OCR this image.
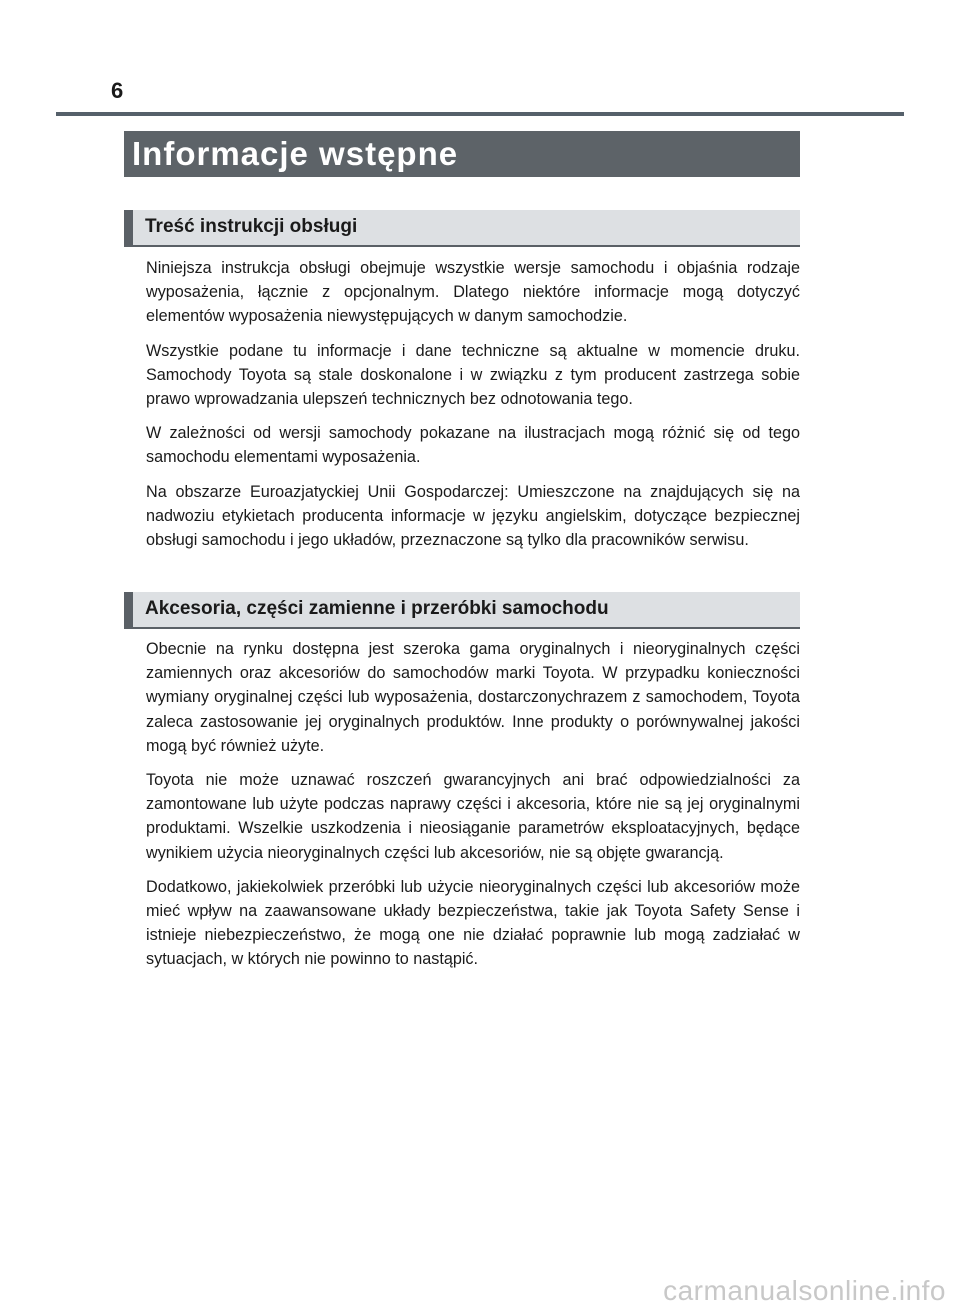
6
Informacje wstępne
Treść instrukcji obsługi

Niniejsza instrukcja obsługi obejmuje wszystkie wersje samochodu i objaśnia rodzaje wyposażenia, łącznie z opcjonalnym. Dlatego niektóre informacje mogą dotyczyć elementów wyposażenia niewystępujących w danym samochodzie.

Wszystkie podane tu informacje i dane techniczne są aktualne w momencie druku. Samochody Toyota są stale doskonalone i w związku z tym producent zastrzega sobie prawo wprowadzania ulepszeń technicznych bez odnotowania tego.

W zależności od wersji samochody pokazane na ilustracjach mogą różnić się od tego samochodu elementami wyposażenia.

Na obszarze Euroazjatyckiej Unii Gospodarczej: Umieszczone na znajdujących się na nadwoziu etykietach producenta informacje w języku angielskim, dotyczące bezpiecznej obsługi samochodu i jego układów, przeznaczone są tylko dla pracowników serwisu.

Akcesoria, części zamienne i przeróbki samochodu

Obecnie na rynku dostępna jest szeroka gama oryginalnych i nieoryginalnych części zamiennych oraz akcesoriów do samochodów marki Toyota. W przypadku konieczności wymiany oryginalnej części lub wyposażenia, dostarczonychrazem z samochodem, Toyota zaleca zastosowanie jej oryginalnych produktów. Inne produkty o porównywalnej jakości mogą być również użyte.

Toyota nie może uznawać roszczeń gwarancyjnych ani brać odpowiedzialności za zamontowane lub użyte podczas naprawy części i akcesoria, które nie są jej oryginalnymi produktami. Wszelkie uszkodzenia i nieosiąganie parametrów eksploatacyjnych, będące wynikiem użycia nieoryginalnych części lub akcesoriów, nie są objęte gwarancją.

Dodatkowo, jakiekolwiek przeróbki lub użycie nieoryginalnych części lub akcesoriów może mieć wpływ na zaawansowane układy bezpieczeństwa, takie jak Toyota Safety Sense i istnieje niebezpieczeństwo, że mogą one nie działać poprawnie lub mogą zadziałać w sytuacjach, w których nie powinno to nastąpić.

carmanualsonline.info
